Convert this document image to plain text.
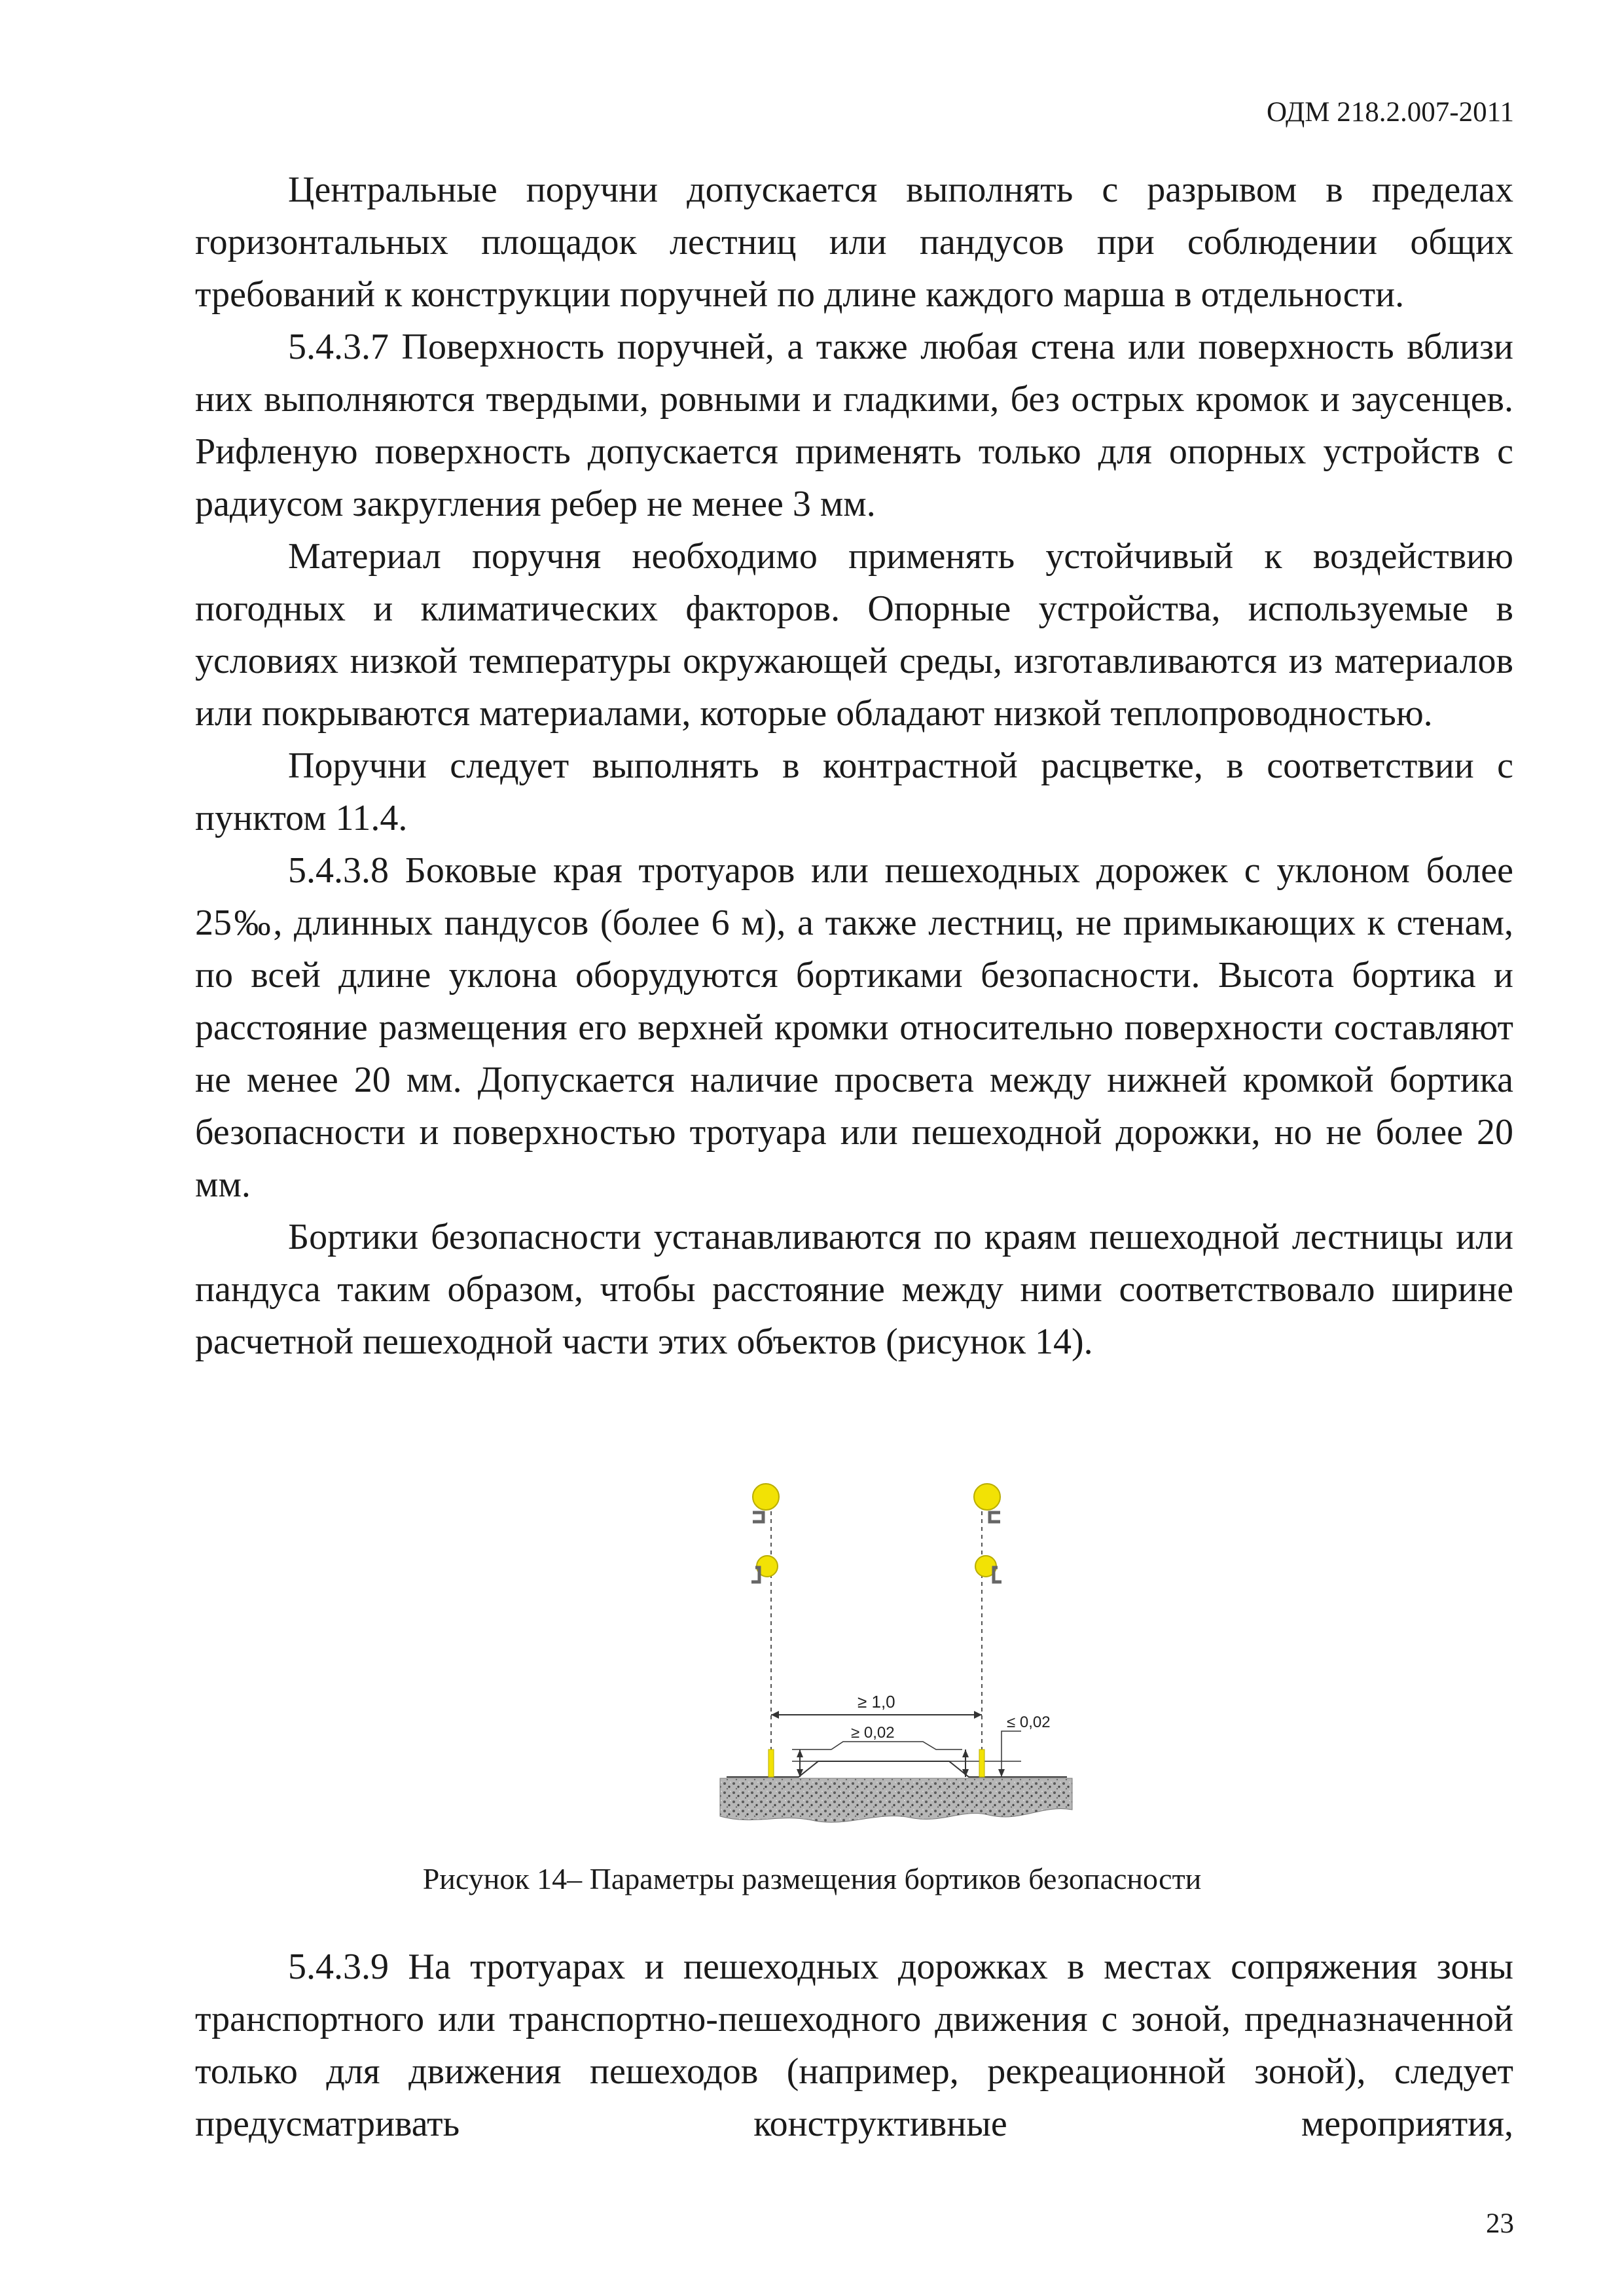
ОДМ 218.2.007-2011

Центральные поручни допускается выполнять с разрывом в пределах горизонтальных площадок лестниц или пандусов при соблюдении общих требований к конструкции поручней по длине каждого марша в отдельности.

5.4.3.7 Поверхность поручней, а также любая стена или поверхность вблизи них выполняются твердыми, ровными и гладкими, без острых кромок и заусенцев. Рифленую поверхность допускается применять только для опорных устройств с радиусом закругления ребер не менее 3 мм.

Материал поручня необходимо применять устойчивый к воздействию погодных и климатических факторов. Опорные устройства, используемые в условиях низкой температуры окружающей среды, изготавливаются из материалов или покрываются материалами, которые обладают низкой теплопроводностью.

Поручни следует выполнять в контрастной расцветке, в соответствии с пунктом 11.4.

5.4.3.8 Боковые края тротуаров или пешеходных дорожек с уклоном более 25‰, длинных пандусов (более 6 м), а также лестниц, не примыкающих к стенам, по всей длине уклона оборудуются бортиками безопасности. Высота бортика и расстояние размещения его верхней кромки относительно поверхности составляют не менее 20 мм. Допускается наличие просвета между нижней кромкой бортика безопасности и поверхностью тротуара или пешеходной дорожки, но не более 20 мм.

Бортики безопасности устанавливаются по краям пешеходной лестницы или пандуса таким образом, чтобы расстояние между ними соответствовало ширине расчетной пешеходной части этих объектов (рисунок 14).

≥ 1,0
≥ 0,02
≤ 0,02
Рисунок 14– Параметры размещения бортиков безопасности

5.4.3.9 На тротуарах и пешеходных дорожках в местах сопряжения зоны транспортного или транспортно-пешеходного движения с зоной, предназначенной только для движения пешеходов (например, рекреационной зоной), следует предусматривать конструктивные мероприятия,

23
